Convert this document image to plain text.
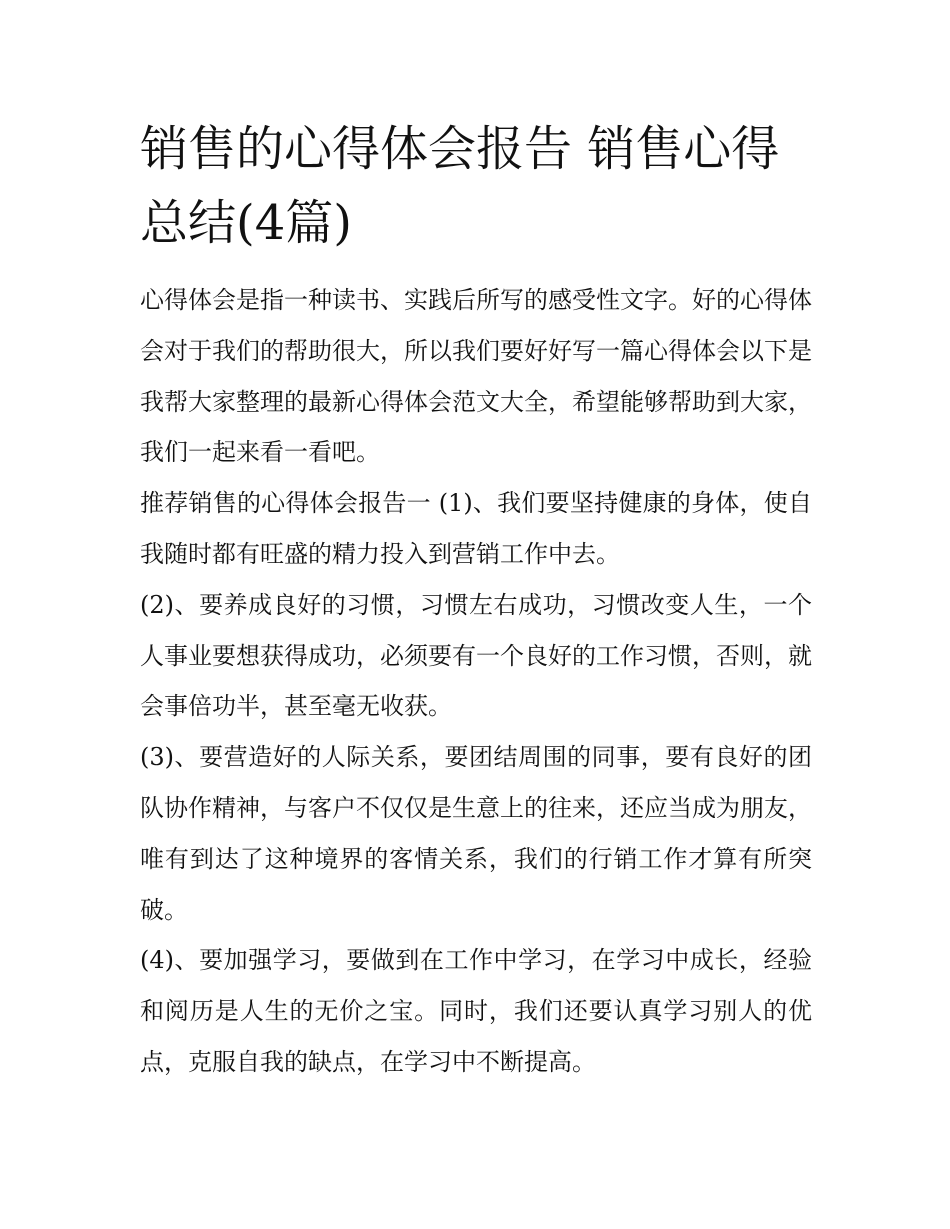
销售的心得体会报告 销售心得总结(4篇)

心得体会是指一种读书、实践后所写的感受性文字。好的心得体会对于我们的帮助很大，所以我们要好好写一篇心得体会以下是我帮大家整理的最新心得体会范文大全，希望能够帮助到大家，我们一起来看一看吧。

推荐销售的心得体会报告一 (1)、我们要坚持健康的身体，使自我随时都有旺盛的精力投入到营销工作中去。

(2)、要养成良好的习惯，习惯左右成功，习惯改变人生，一个人事业要想获得成功，必须要有一个良好的工作习惯，否则，就会事倍功半，甚至毫无收获。

(3)、要营造好的人际关系，要团结周围的同事，要有良好的团队协作精神，与客户不仅仅是生意上的往来，还应当成为朋友，唯有到达了这种境界的客情关系，我们的行销工作才算有所突破。

(4)、要加强学习，要做到在工作中学习，在学习中成长，经验和阅历是人生的无价之宝。同时，我们还要认真学习别人的优点，克服自我的缺点，在学习中不断提高。
